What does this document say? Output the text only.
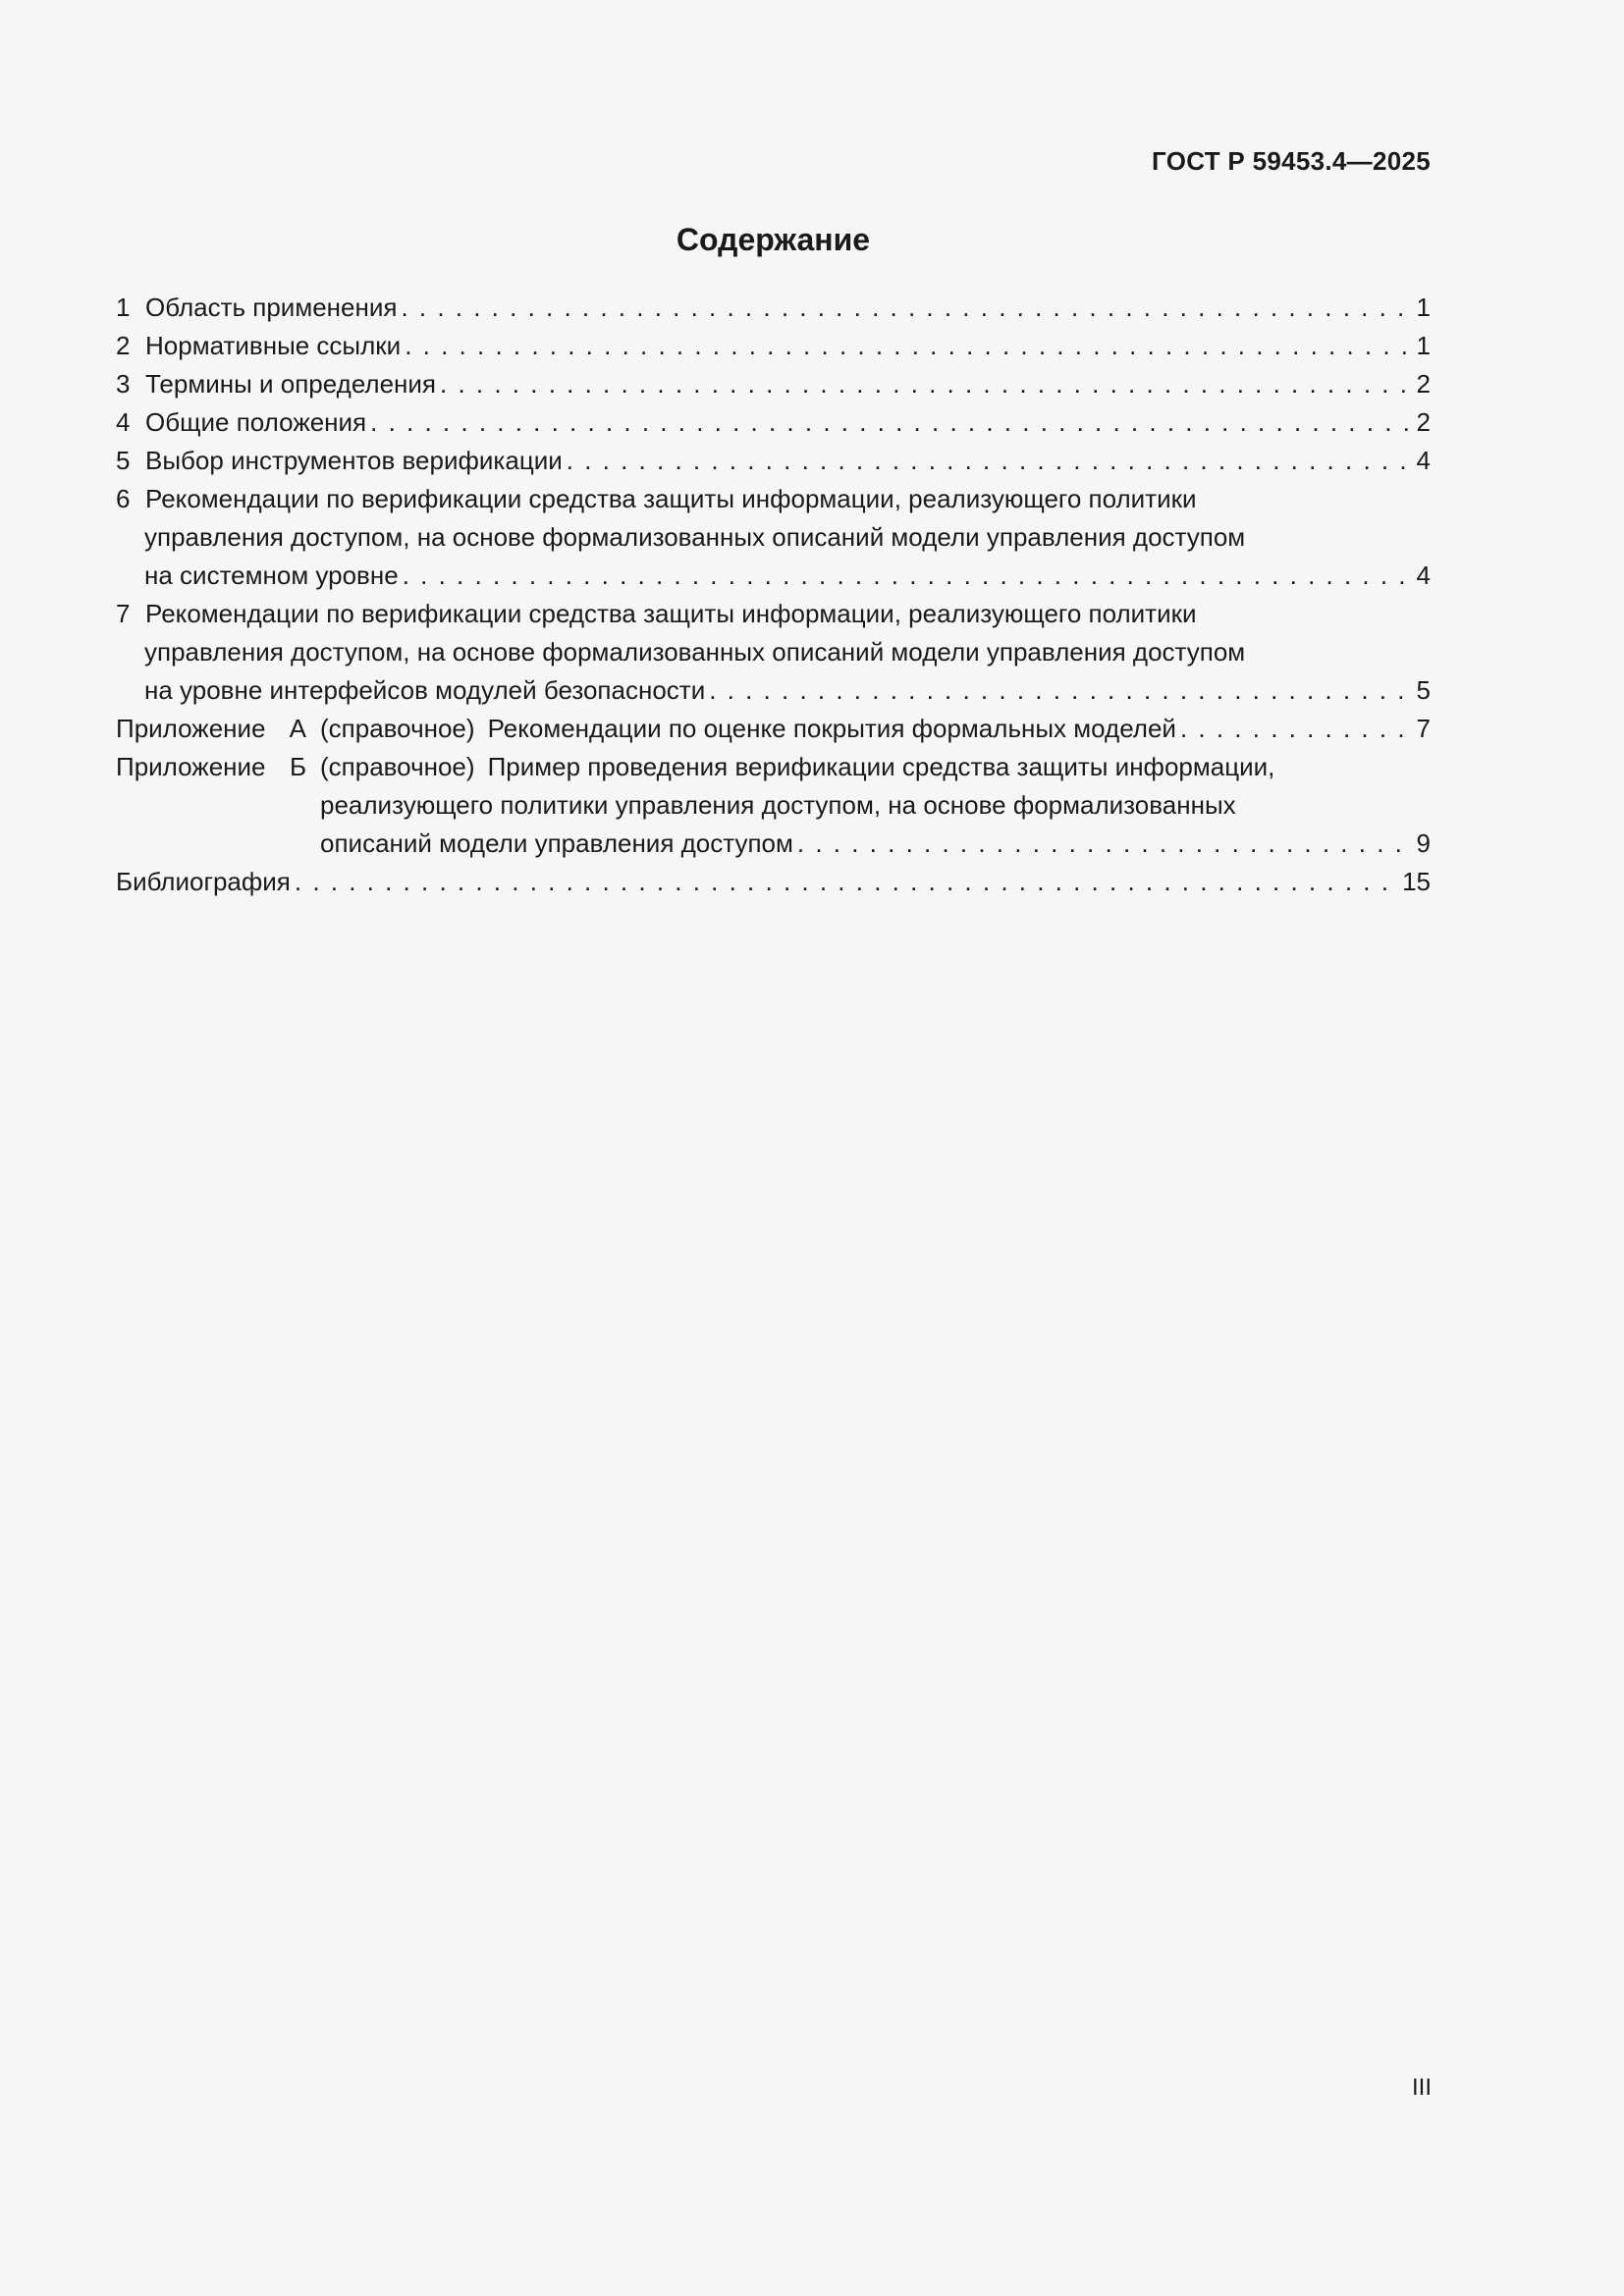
ГОСТ Р 59453.4—2025
Содержание
1 Область применения . . .	1
2 Нормативные ссылки . . .	1
3 Термины и определения . . .	2
4 Общие положения . . .	2
5 Выбор инструментов верификации . . .	4
6 Рекомендации по верификации средства защиты информации, реализующего политики
управления доступом, на основе формализованных описаний модели управления доступом
на системном уровне . . .	4
7 Рекомендации по верификации средства защиты информации, реализующего политики
управления доступом, на основе формализованных описаний модели управления доступом
на уровне интерфейсов модулей безопасности . . .	5
Приложение А (справочное) Рекомендации по оценке покрытия формальных моделей . . .	7
Приложение Б (справочное) Пример проведения верификации средства защиты информации,
реализующего политики управления доступом, на основе формализованных
описаний модели управления доступом . . .	9
Библиография . . .	15
III
